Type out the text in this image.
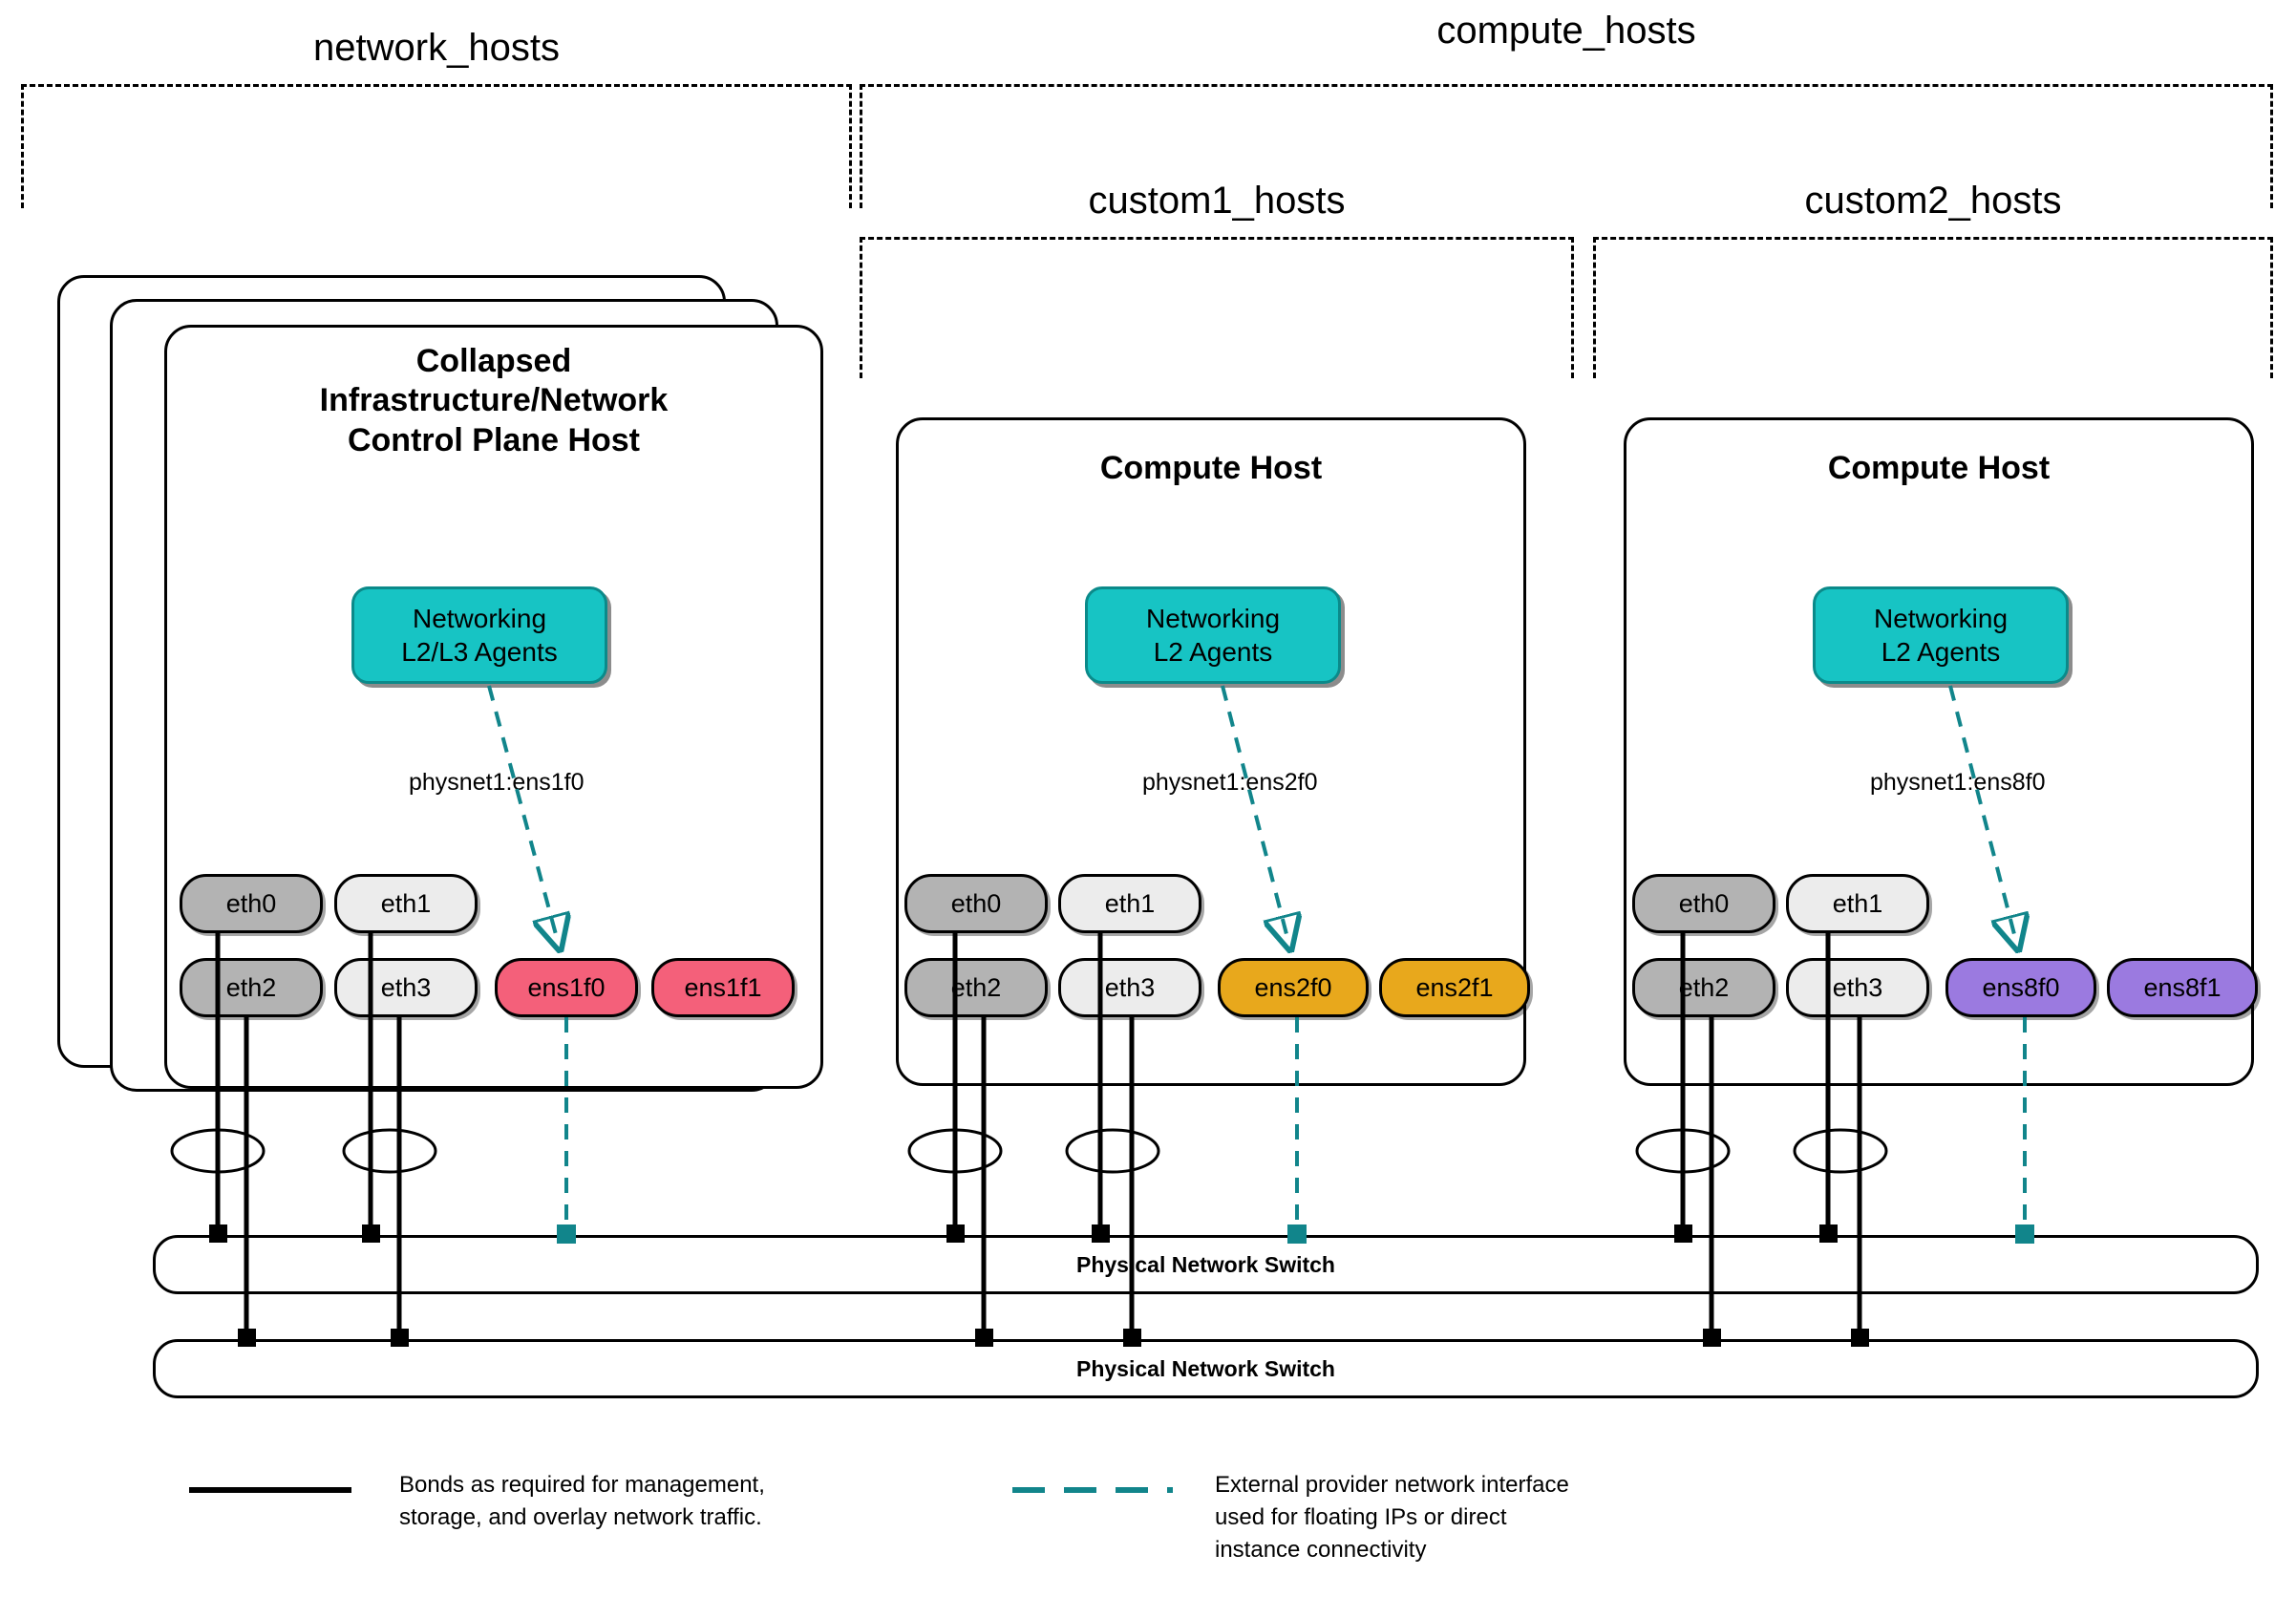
network_hosts	compute_hosts
custom1_hosts	custom2_hosts
Collapsed
Infrastructure/Network
Control Plane Host
Networking
L2/L3 Agents
physnet1:ens1f0
eth0	eth1
eth2	eth3	ens1f0	ens1f1
Compute Host
Networking
L2 Agents
physnet1:ens2f0
eth0	eth1
eth2	eth3	ens2f0	ens2f1
Compute Host
Networking
L2 Agents
physnet1:ens8f0
eth0	eth1
eth2	eth3	ens8f0	ens8f1
Physical Network Switch
Physical Network Switch
Bonds as required for management,
storage, and overlay network traffic.
External provider network interface
used for floating IPs or direct
instance connectivity
